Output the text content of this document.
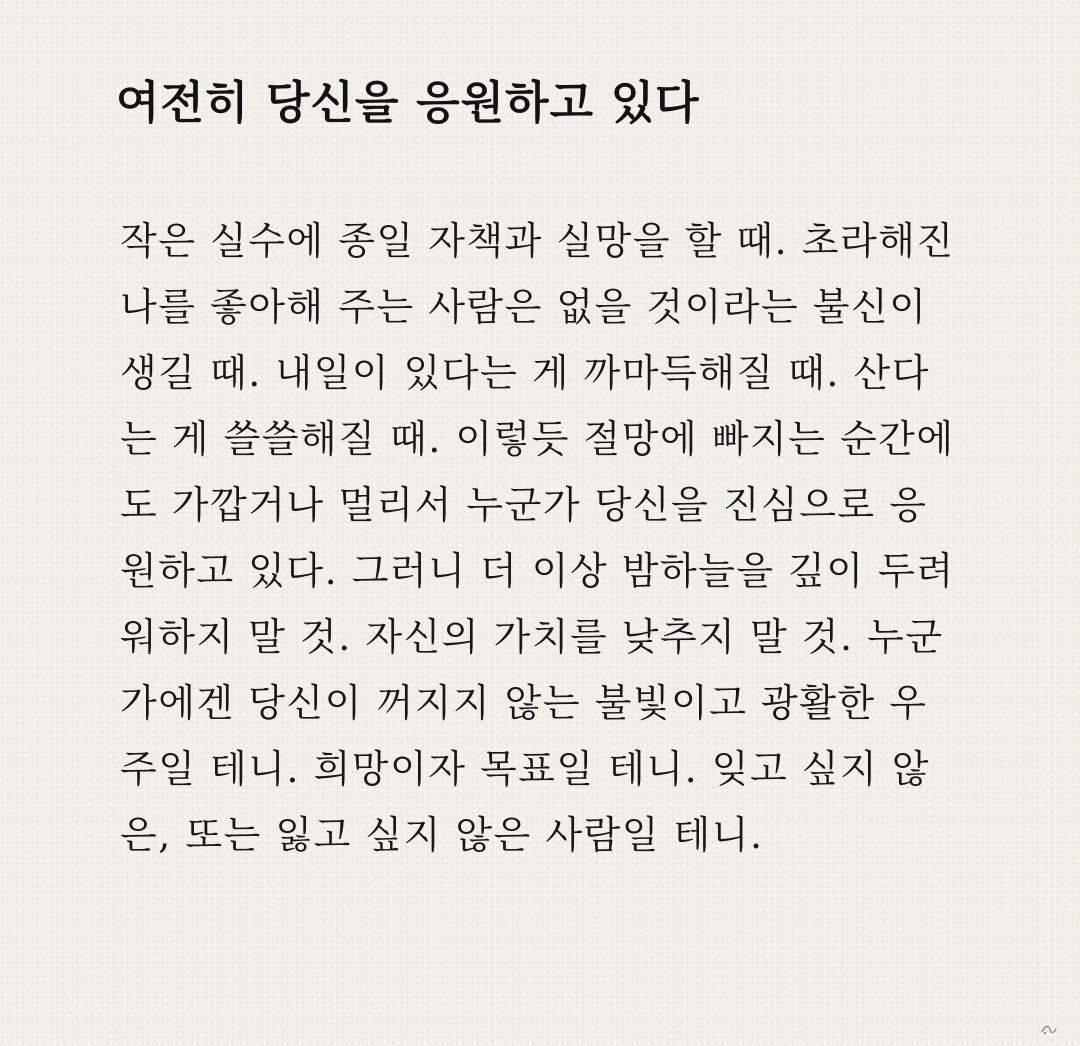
여전히 당신을 응원하고 있다
작은 실수에 종일 자책과 실망을 할 때. 초라해진
나를 좋아해 주는 사람은 없을 것이라는 불신이
생길 때. 내일이 있다는 게 까마득해질 때. 산다
는 게 쓸쓸해질 때. 이렇듯 절망에 빠지는 순간에
도 가깝거나 멀리서 누군가 당신을 진심으로 응
원하고 있다. 그러니 더 이상 밤하늘을 깊이 두려
워하지 말 것. 자신의 가치를 낮추지 말 것. 누군
가에겐 당신이 꺼지지 않는 불빛이고 광활한 우
주일 테니. 희망이자 목표일 테니. 잊고 싶지 않
은, 또는 잃고 싶지 않은 사람일 테니.
